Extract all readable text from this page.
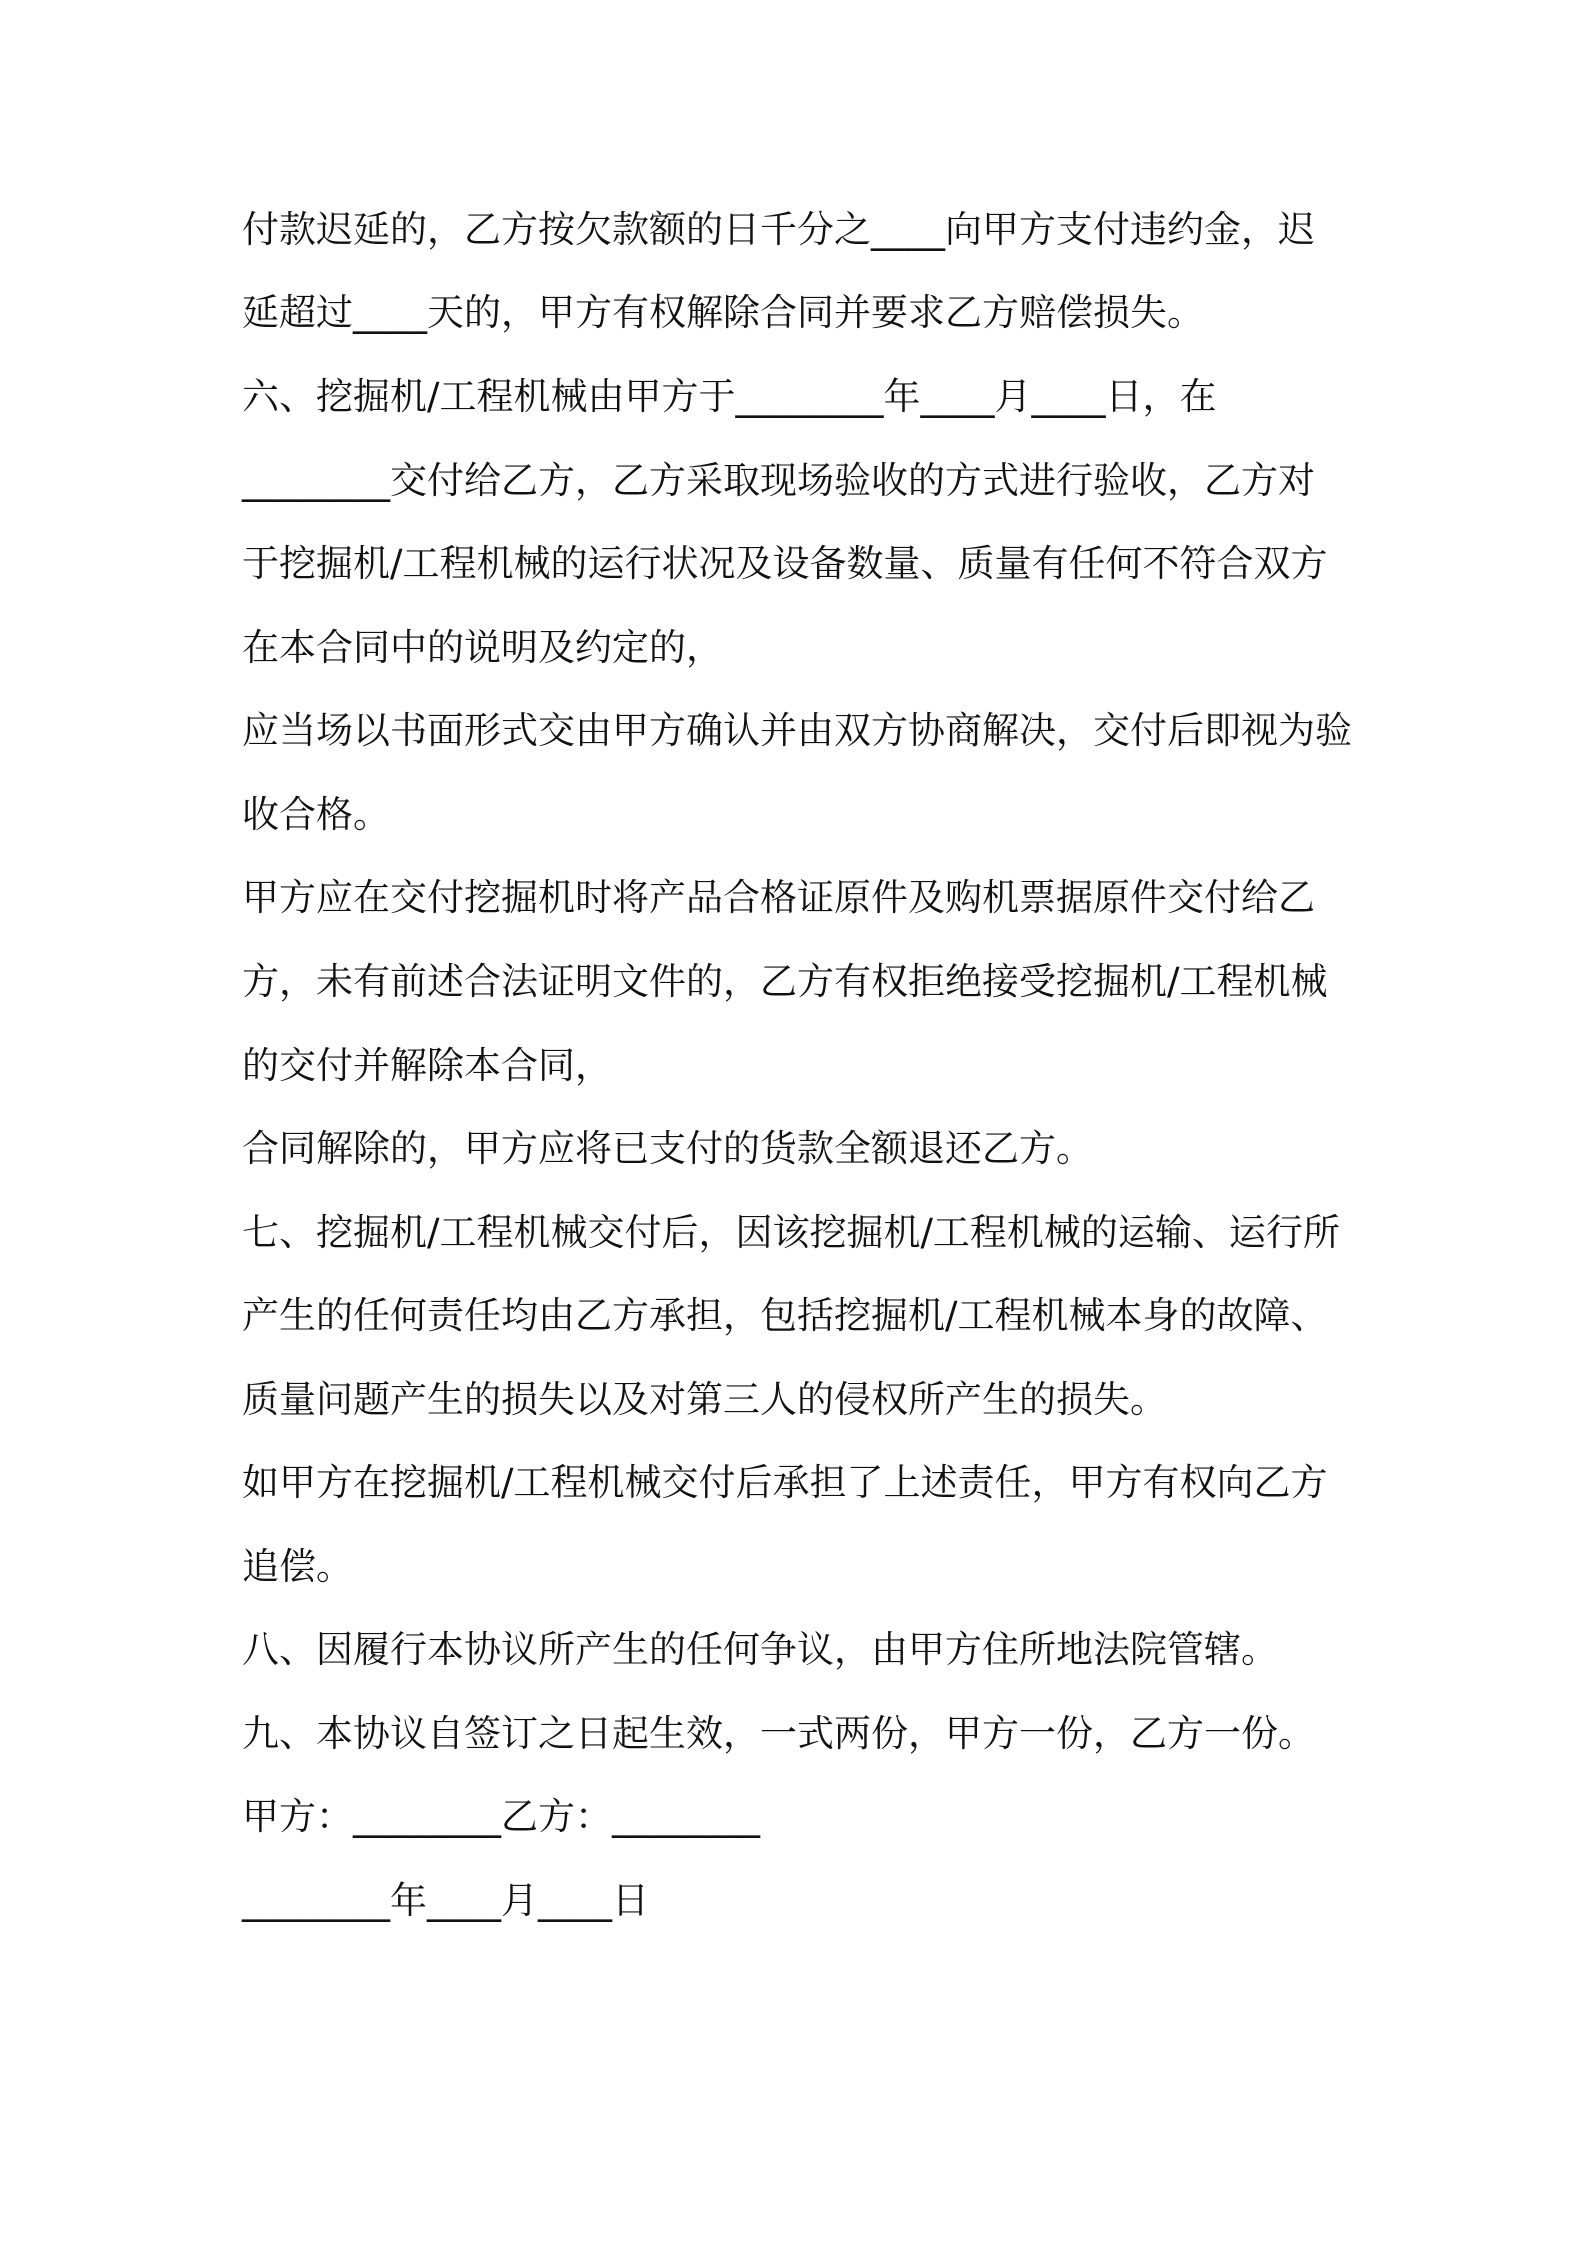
付款迟延的，乙方按欠款额的日千分之____向甲方支付违约金，迟
延超过____天的，甲方有权解除合同并要求乙方赔偿损失。
六、挖掘机/工程机械由甲方于________年____月____日，在
________交付给乙方，乙方采取现场验收的方式进行验收，乙方对
于挖掘机/工程机械的运行状况及设备数量、质量有任何不符合双方
在本合同中的说明及约定的，
应当场以书面形式交由甲方确认并由双方协商解决，交付后即视为验
收合格。
甲方应在交付挖掘机时将产品合格证原件及购机票据原件交付给乙
方，未有前述合法证明文件的，乙方有权拒绝接受挖掘机/工程机械
的交付并解除本合同，
合同解除的，甲方应将已支付的货款全额退还乙方。
七、挖掘机/工程机械交付后，因该挖掘机/工程机械的运输、运行所
产生的任何责任均由乙方承担，包括挖掘机/工程机械本身的故障、
质量问题产生的损失以及对第三人的侵权所产生的损失。
如甲方在挖掘机/工程机械交付后承担了上述责任，甲方有权向乙方
追偿。
八、因履行本协议所产生的任何争议，由甲方住所地法院管辖。
九、本协议自签订之日起生效，一式两份，甲方一份，乙方一份。
甲方：________乙方：________
________年____月____日
